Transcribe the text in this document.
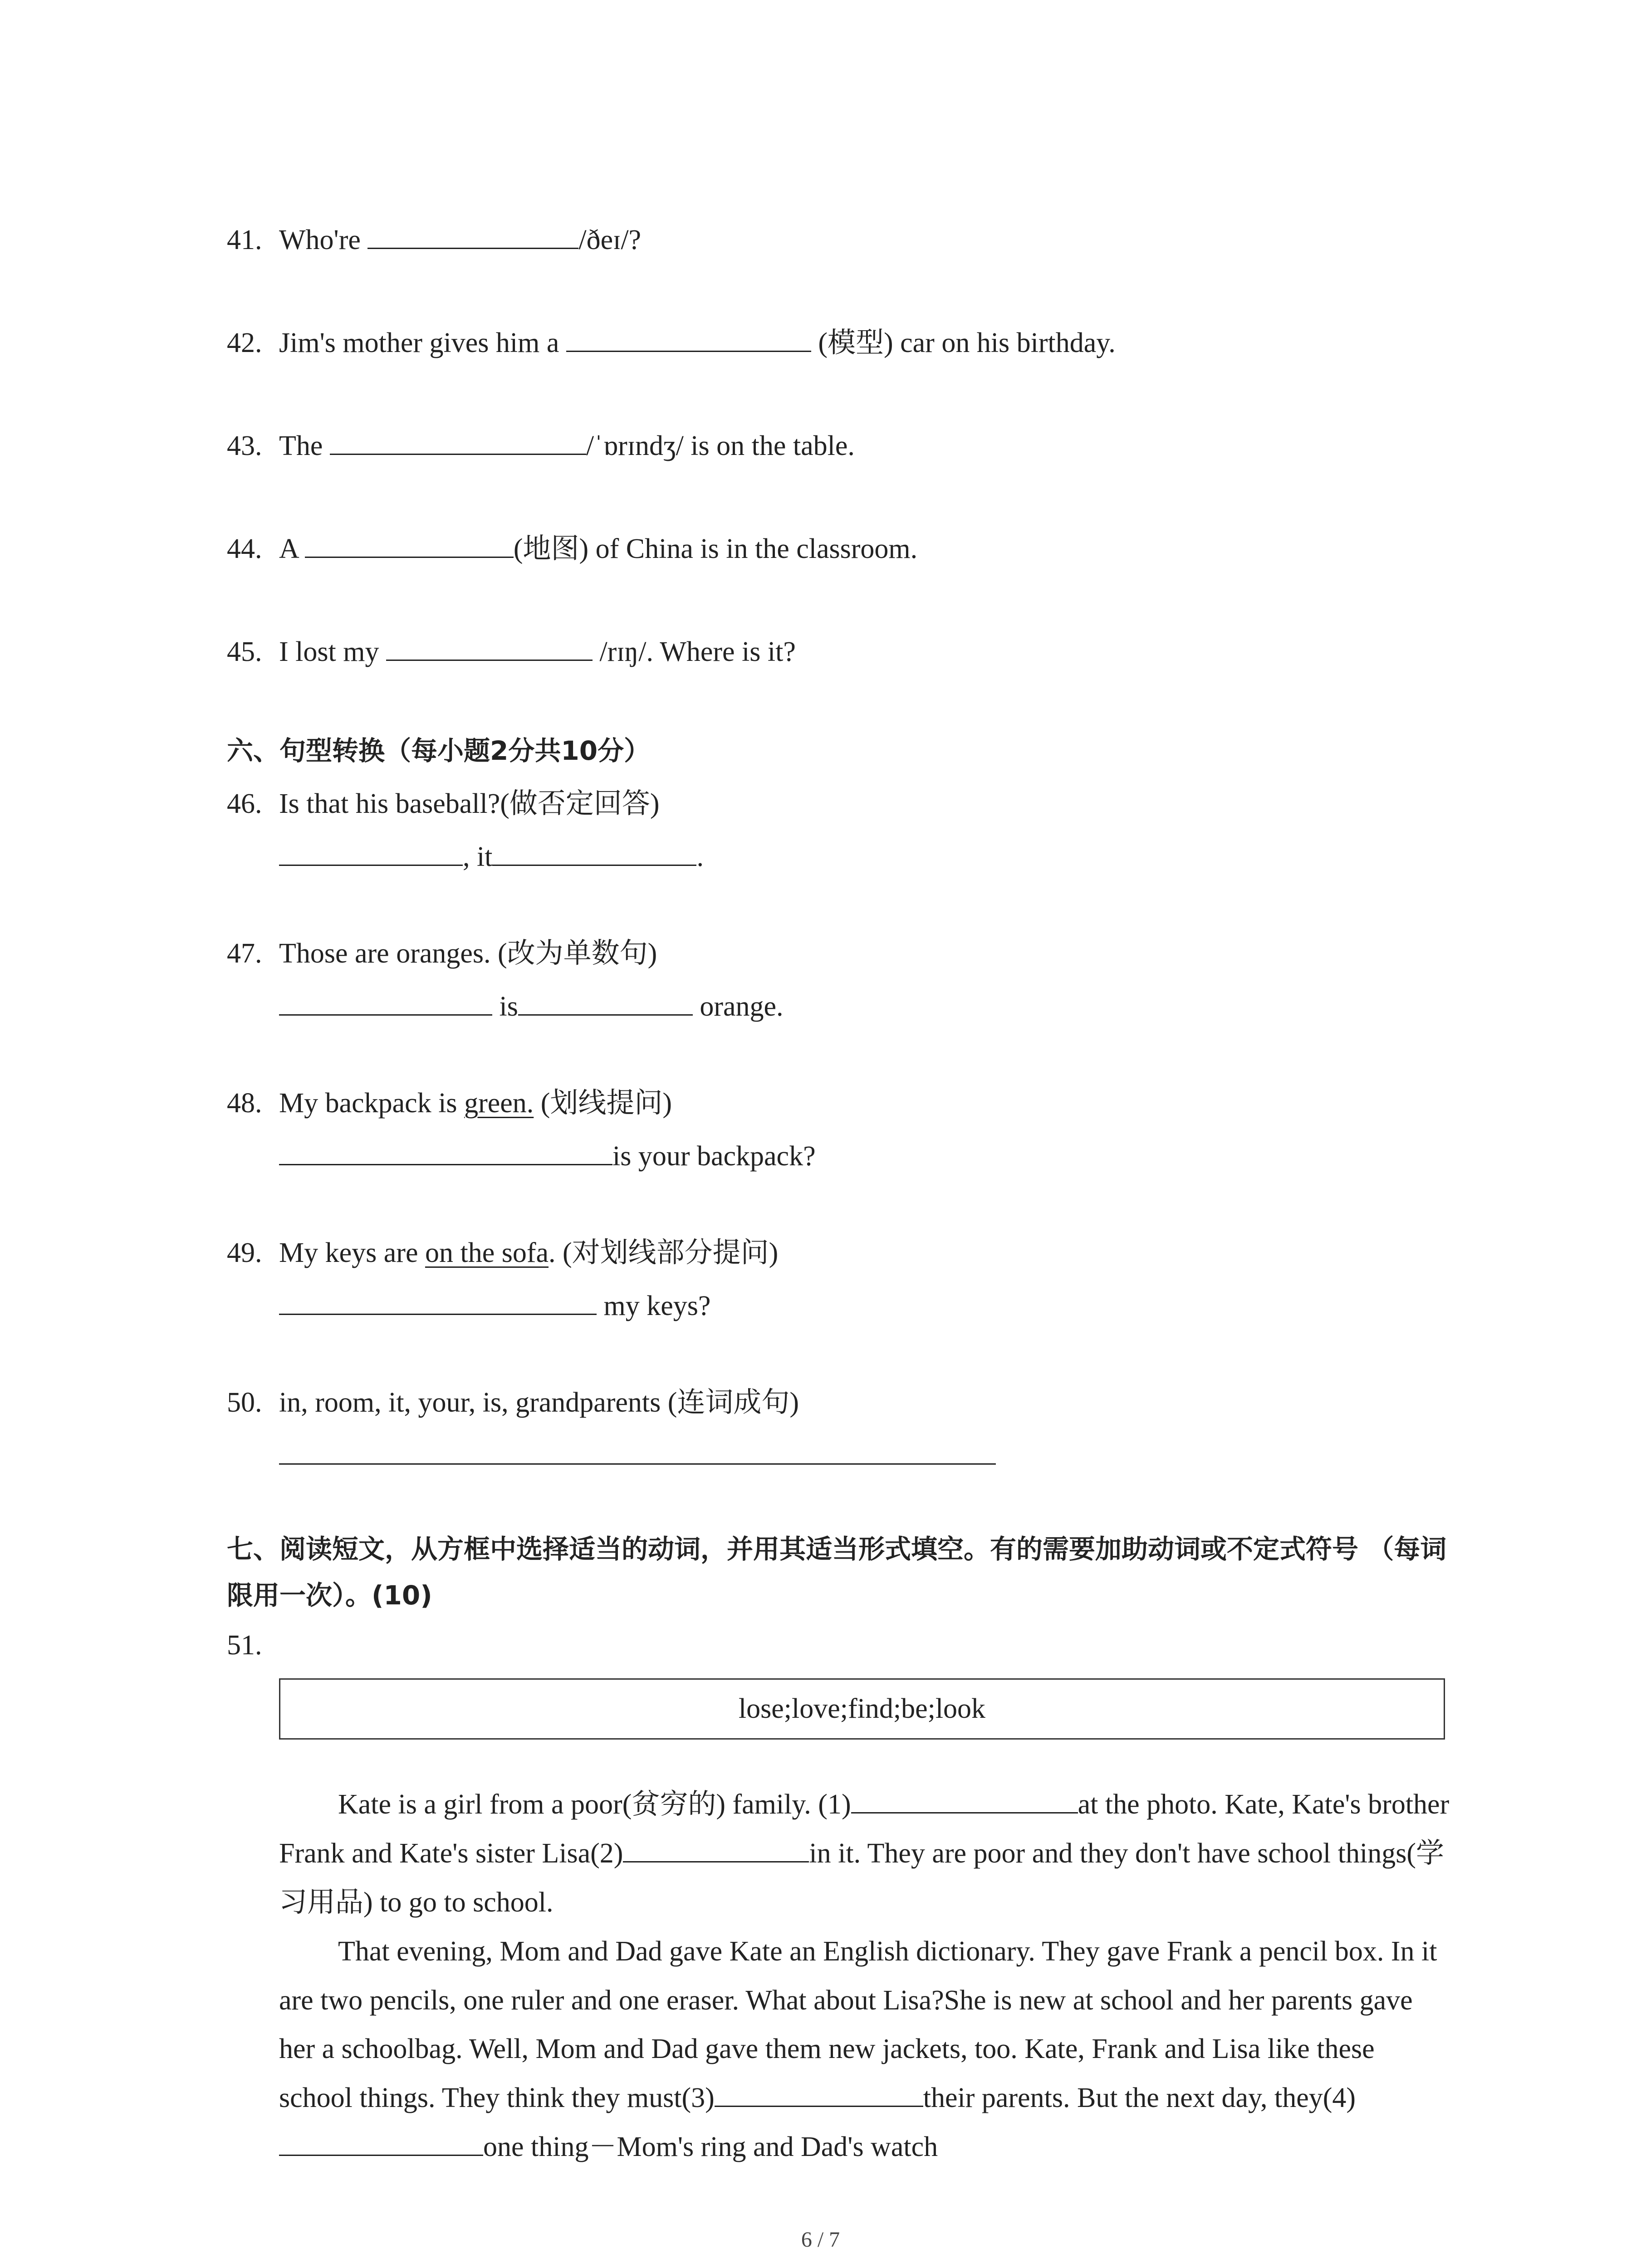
41. Who're	/ðeɪ/?
42. Jim's mother gives him a	(模型) car on his birthday.
43. The	/ˈɒrɪndʒ/ is on the table.
44. A	(地图) of China is in the classroom.
45. I lost my	/rɪŋ/. Where is it?
六、句型转换（每小题2分共10分）
46. Is that his baseball?(做否定回答)
, it	.
47. Those are oranges. (改为单数句)
is	orange.
48. My backpack is green. (划线提问)
is your backpack?
49. My keys are on the sofa. (对划线部分提问)
my keys?
50. in, room, it, your, is, grandparents (连词成句)
七、阅读短文，从方框中选择适当的动词，并用其适当形式填空。有的需要加助动词或不定式符号 （每词限用一次）。(10)
51.
lose;love;find;be;look

Kate is a girl from a poor(贫穷的) family. (1)	at the photo. Kate, Kate's brother Frank and Kate's sister Lisa(2)	in it. They are poor and they don't have school things(学习用品) to go to school.

That evening, Mom and Dad gave Kate an English dictionary. They gave Frank a pencil box. In it are two pencils, one ruler and one eraser. What about Lisa?She is new at school and her parents gave her a schoolbag. Well, Mom and Dad gave them new jackets, too. Kate, Frank and Lisa like these school things. They think they must(3)	their parents. But the next day, they(4)one thing－Mom's ring and Dad's watch

6 / 7
